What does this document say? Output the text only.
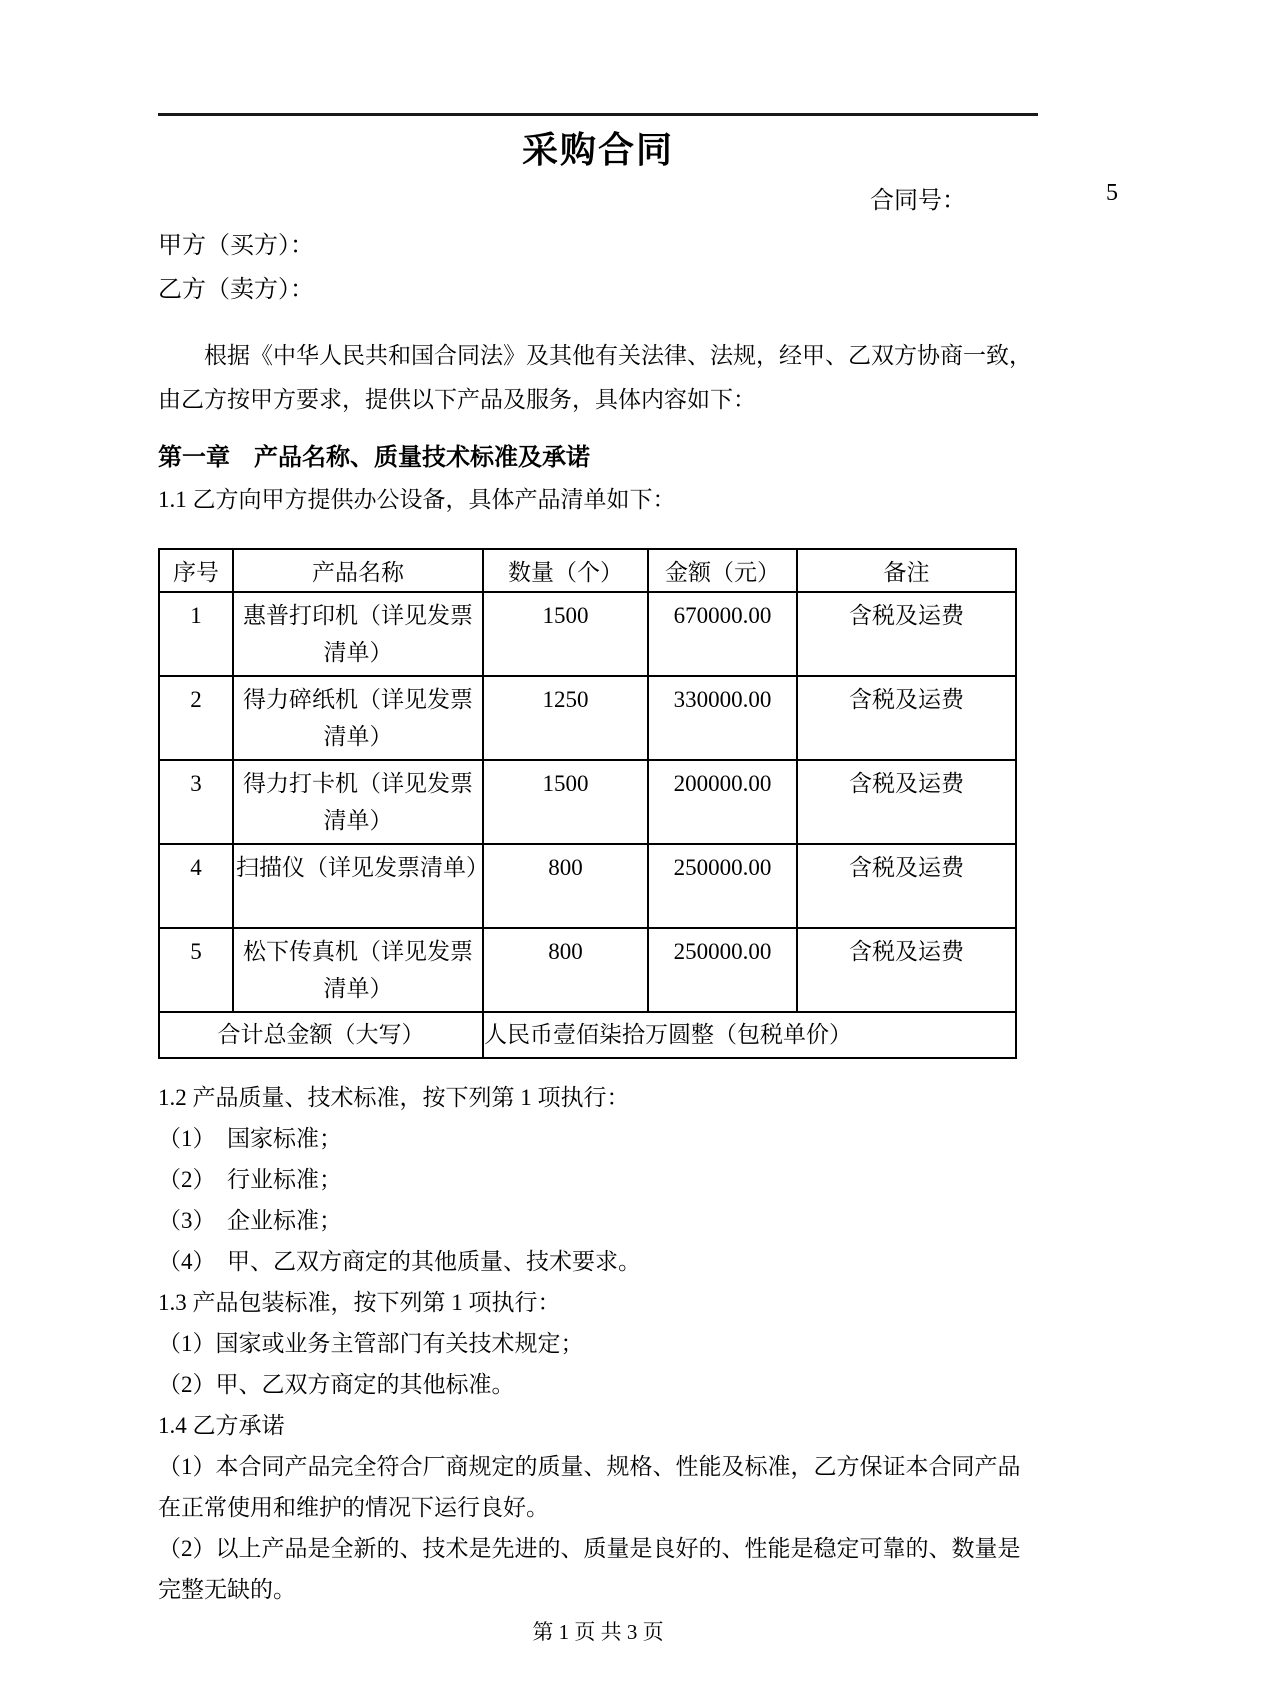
采购合同
合同号：	5
甲方（买方）：
乙方（卖方）：
根据《中华人民共和国合同法》及其他有关法律、法规，经甲、乙双方协商一致，由乙方按甲方要求，提供以下产品及服务，具体内容如下：
第一章　产品名称、质量技术标准及承诺
1.1 乙方向甲方提供办公设备，具体产品清单如下：
序号	产品名称	数量（个）	金额（元）	备注
1	惠普打印机（详见发票清单）	1500	670000.00	含税及运费
2	得力碎纸机（详见发票清单）	1250	330000.00	含税及运费
3	得力打卡机（详见发票清单）	1500	200000.00	含税及运费
4	扫描仪（详见发票清单）	800	250000.00	含税及运费
5	松下传真机（详见发票清单）	800	250000.00	含税及运费
合计总金额（大写）		人民币壹佰柒拾万圆整（包税单价）		
1.2 产品质量、技术标准，按下列第 1 项执行：
（1）　国家标准；
（2）　行业标准；
（3）　企业标准；
（4）　甲、乙双方商定的其他质量、技术要求。
1.3 产品包装标准，按下列第 1 项执行：
（1）国家或业务主管部门有关技术规定；
（2）甲、乙双方商定的其他标准。
1.4 乙方承诺
（1）本合同产品完全符合厂商规定的质量、规格、性能及标准，乙方保证本合同产品在正常使用和维护的情况下运行良好。
（2）以上产品是全新的、技术是先进的、质量是良好的、性能是稳定可靠的、数量是完整无缺的。
第 1 页 共 3 页
